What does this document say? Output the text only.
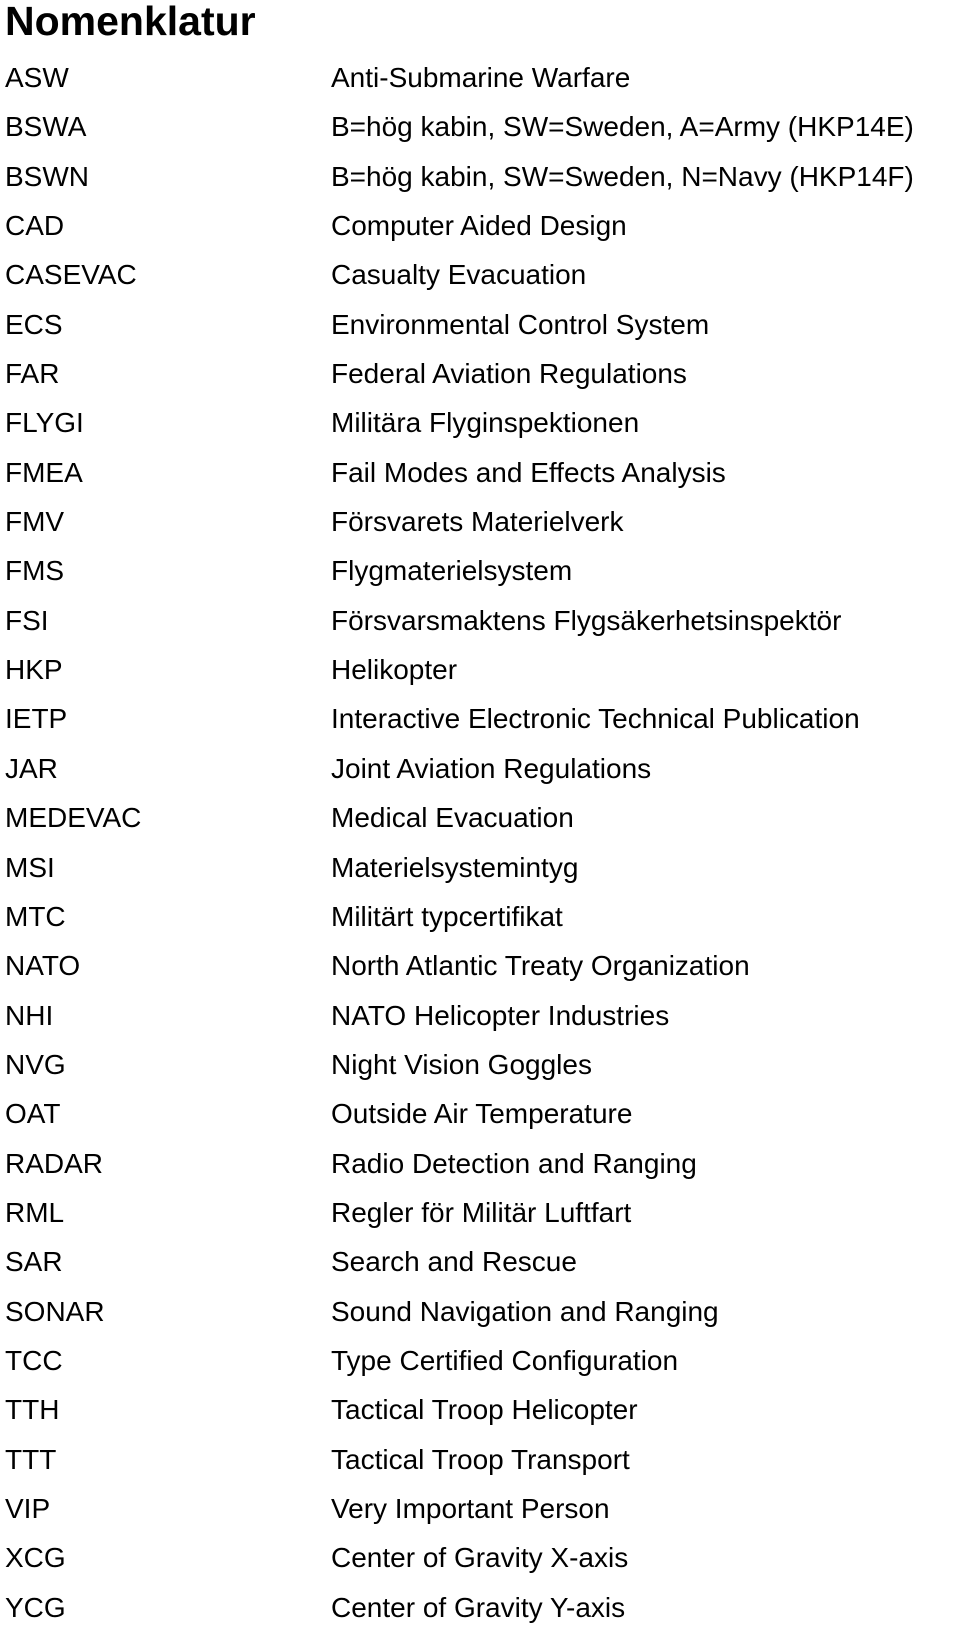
Nomenklatur
ASW	Anti-Submarine Warfare
BSWA	B=hög kabin, SW=Sweden, A=Army (HKP14E)
BSWN	B=hög kabin, SW=Sweden, N=Navy (HKP14F)
CAD	Computer Aided Design
CASEVAC	Casualty Evacuation
ECS	Environmental Control System
FAR	Federal Aviation Regulations
FLYGI	Militära Flyginspektionen
FMEA	Fail Modes and Effects Analysis
FMV	Försvarets Materielverk
FMS	Flygmaterielsystem
FSI	Försvarsmaktens Flygsäkerhetsinspektör
HKP	Helikopter
IETP	Interactive Electronic Technical Publication
JAR	Joint Aviation Regulations
MEDEVAC	Medical Evacuation
MSI	Materielsystemintyg
MTC	Militärt typcertifikat
NATO	North Atlantic Treaty Organization
NHI	NATO Helicopter Industries
NVG	Night Vision Goggles
OAT	Outside Air Temperature
RADAR	Radio Detection and Ranging
RML	Regler för Militär Luftfart
SAR	Search and Rescue
SONAR	Sound Navigation and Ranging
TCC	Type Certified Configuration
TTH	Tactical Troop Helicopter
TTT	Tactical Troop Transport
VIP	Very Important Person
XCG	Center of Gravity X-axis
YCG	Center of Gravity Y-axis
